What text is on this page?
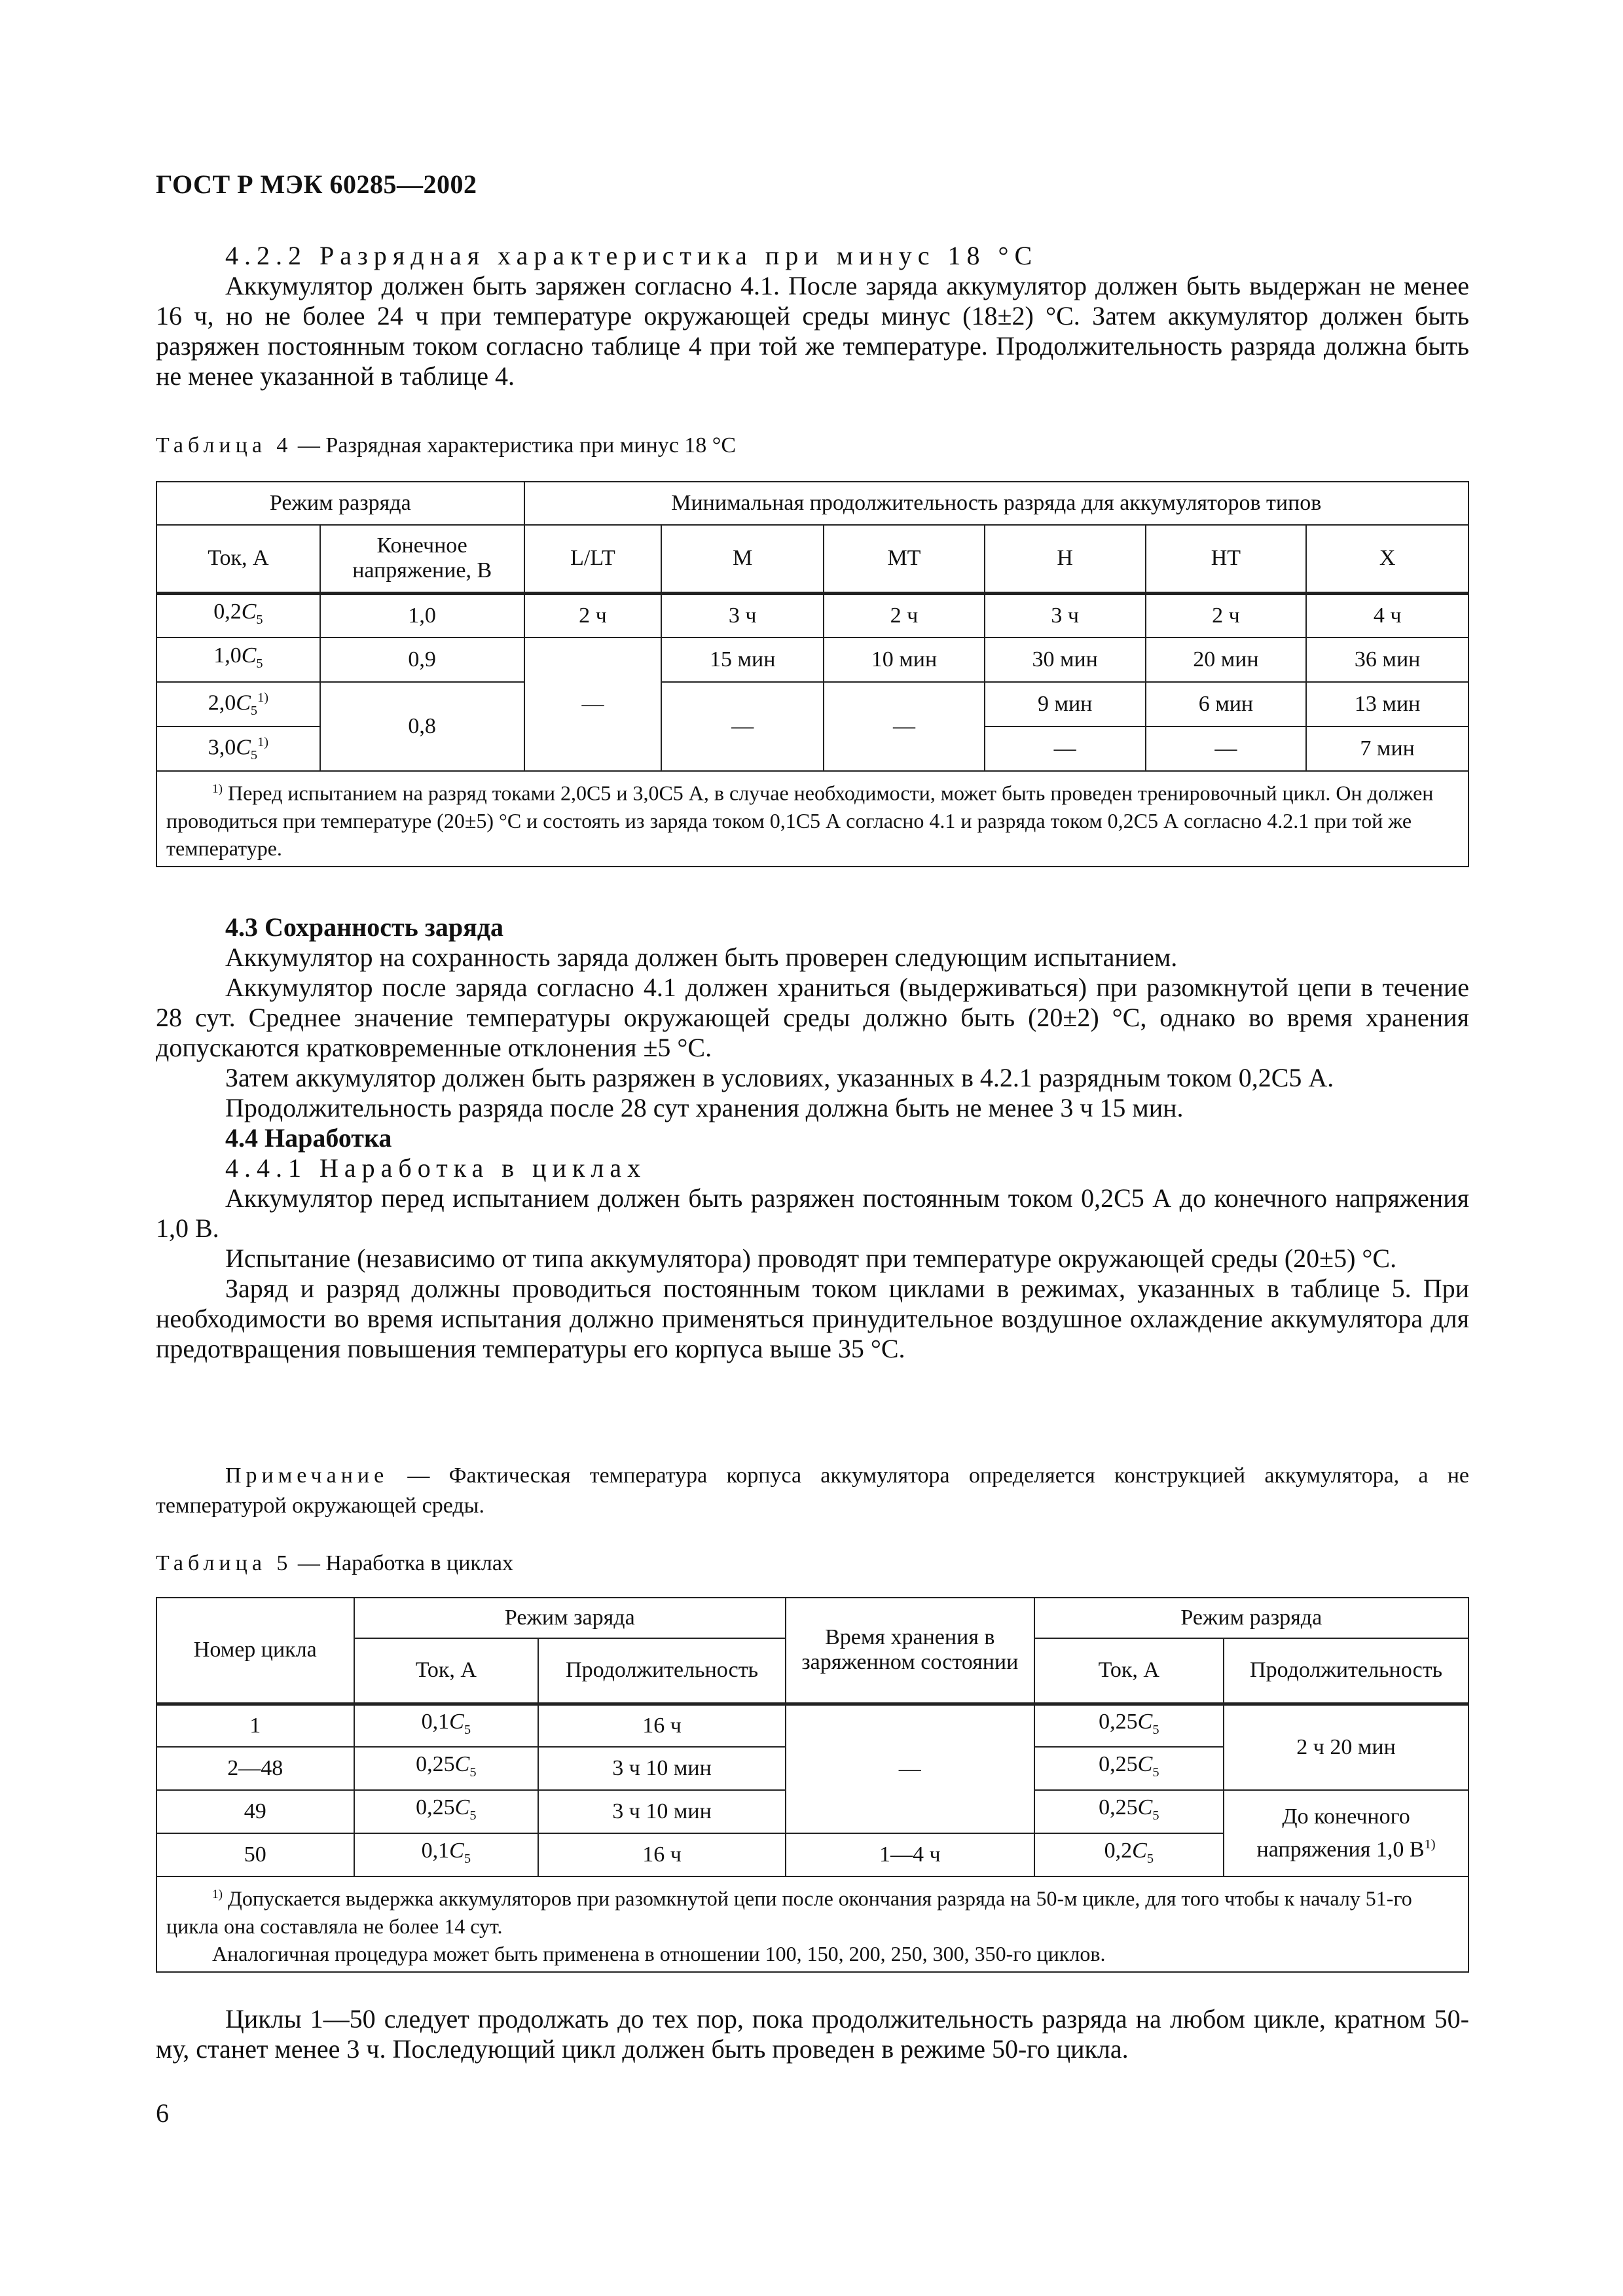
ГОСТ Р МЭК 60285—2002

4.2.2 Разрядная характеристика при минус 18 °С

Аккумулятор должен быть заряжен согласно 4.1. После заряда аккумулятор должен быть выдержан не менее 16 ч, но не более 24 ч при температуре окружающей среды минус (18±2) °С. Затем аккумулятор должен быть разряжен постоянным током согласно таблице 4 при той же температуре. Продолжительность разряда должна быть не менее указанной в таблице 4.

Таблица 4 — Разрядная характеристика при минус 18 °С
Режим разряда		Минимальная продолжительность разряда для аккумуляторов типов					
Ток, А	Конечное напряжение, В	L/LT	M	MT	H	HT	X
$0,2C_5$	1,0	2 ч	3 ч	2 ч	3 ч	2 ч	4 ч
$1,0C_5$	0,9	—	15 мин	10 мин	30 мин	20 мин	36 мин
$2,0C_5^{1)}$	0,8		—	—	9 мин	6 мин	13 мин
$3,0C_5^{1)}$					—	—	7 мин

$^{1)}$ Перед испытанием на разряд токами 2,0C5 и 3,0C5 А, в случае необходимости, может быть проведен тренировочный цикл. Он должен проводиться при температуре (20±5) °С и состоять из заряда током 0,1C5 А согласно 4.1 и разряда током 0,2C5 А согласно 4.2.1 при той же температуре.							

4.3 Сохранность заряда

Аккумулятор на сохранность заряда должен быть проверен следующим испытанием.

Аккумулятор после заряда согласно 4.1 должен храниться (выдерживаться) при разомкнутой цепи в течение 28 сут. Среднее значение температуры окружающей среды должно быть (20±2) °С, однако во время хранения допускаются кратковременные отклонения ±5 °С.

Затем аккумулятор должен быть разряжен в условиях, указанных в 4.2.1 разрядным током 0,2C5 А.

Продолжительность разряда после 28 сут хранения должна быть не менее 3 ч 15 мин.

4.4 Наработка

4.4.1 Наработка в циклах

Аккумулятор перед испытанием должен быть разряжен постоянным током 0,2C5 А до конечного напряжения 1,0 В.

Испытание (независимо от типа аккумулятора) проводят при температуре окружающей среды (20±5) °С.

Заряд и разряд должны проводиться постоянным током циклами в режимах, указанных в таблице 5. При необходимости во время испытания должно применяться принудительное воздушное охлаждение аккумулятора для предотвращения повышения температуры его корпуса выше 35 °С.

Примечание — Фактическая температура корпуса аккумулятора определяется конструкцией аккумулятора, а не температурой окружающей среды.
Таблица 5 — Наработка в циклах
Номер цикла	Режим заряда		Время хранения в заряженном состоянии	Режим разряда	
	Ток, А	Продолжительность		Ток, А	Продолжительность
1	$0,1C_5$	16 ч	—	$0,25C_5$	2 ч 20 мин
2—48	$0,25C_5$	3 ч 10 мин		$0,25C_5$
49	$0,25C_5$	3 ч 10 мин		$0,25C_5$	До конечного напряжения 1,0 $В^{1)}$
50	$0,1C_5$	16 ч	1—4 ч	$0,2C_5$

$^{1)}$ Допускается выдержка аккумуляторов при разомкнутой цепи после окончания разряда на 50-м цикле, для того чтобы к началу 51-го цикла она составляла не более 14 сут.
Аналогичная процедура может быть применена в отношении 100, 150, 200, 250, 300, 350-го циклов.					

Циклы 1—50 следует продолжать до тех пор, пока продолжительность разряда на любом цикле, кратном 50-му, станет менее 3 ч. Последующий цикл должен быть проведен в режиме 50-го цикла.

6
